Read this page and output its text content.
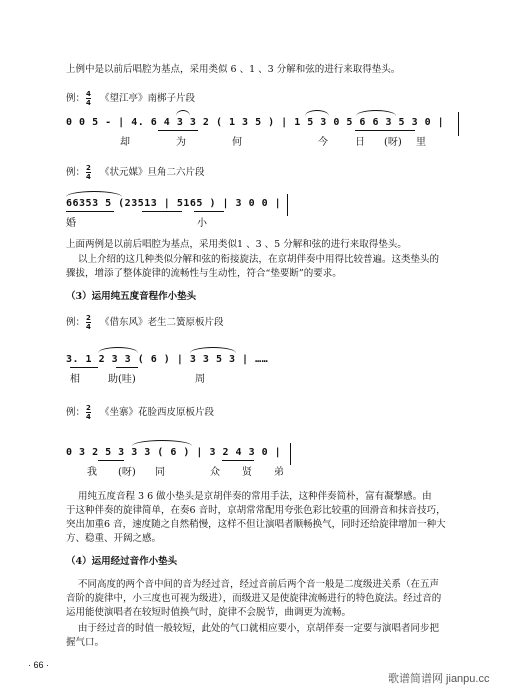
上例中是以前后唱腔为基点，采用类似 6 、1 、3 分解和弦的进行来取得垫头。
例： $\frac{4}{4}$ 《望江亭》南梆子片段
0 0 5 - | 4. 6 4 3 3 2 ( 1 3 5 ) | 1 5 3 0 5 6 6 3 5 3 0 |
却	为	何	今	日 (呀) 里
例： $\frac{2}{4}$ 《状元媒》旦角二六片段
66353 5 (23513 | 5165 ) | 3 0 0 |
婚	小
上面两例是以前后唱腔为基点，采用类似1 、3 、5 分解和弦的进行来取得垫头。
以上介绍的这几种类似分解和弦的衔接旋法，在京胡伴奏中用得比较普遍。这类垫头的
骤拔，增添了整体旋律的流畅性与生动性，符合“垫要断”的要求。
（3）运用纯五度音程作小垫头
例： $\frac{2}{4}$ 《借东风》老生二簧原板片段
3. 1 2 3 3 ( 6 ) | 3 3 5 3 | ……
相	助(哇)	周
例： $\frac{2}{4}$ 《坐寨》花脸西皮原板片段
0 3 2 5 3 3 3 ( 6 ) | 3 2 4 3 0 |
我 (呀) 同	众 贤 弟
用纯五度音程 3 6 做小垫头是京胡伴奏的常用手法，这种伴奏简朴，富有凝撃感。由
于这种伴奏的旋律简单，在奏6 音时，京胡常常配用夸张色彩比较重的回滑音和抹音技巧，
突出加重6 音，速度随之自然稍慢，这样不但让演唱者顺畅换气，同时还给旋律增加一种大
方、稳重、开阔之感。
（4）运用经过音作小垫头
不同高度的两个音中间的音为经过音，经过音前后两个音一般是二度级进关系（在五声
音阶的旋律中，小三度也可视为级进），而级进又是使旋律流畅进行的特色旋法。经过音的
运用能使演唱者在较短时值换气时，旋律不会脱节，曲调更为流畅。
由于经过音的时值一般较短，此处的气口就相应要小，京胡伴奏一定要与演唱者同步把
握气口。
· 66 ·
歌谱简谱网 jianpu.cc
